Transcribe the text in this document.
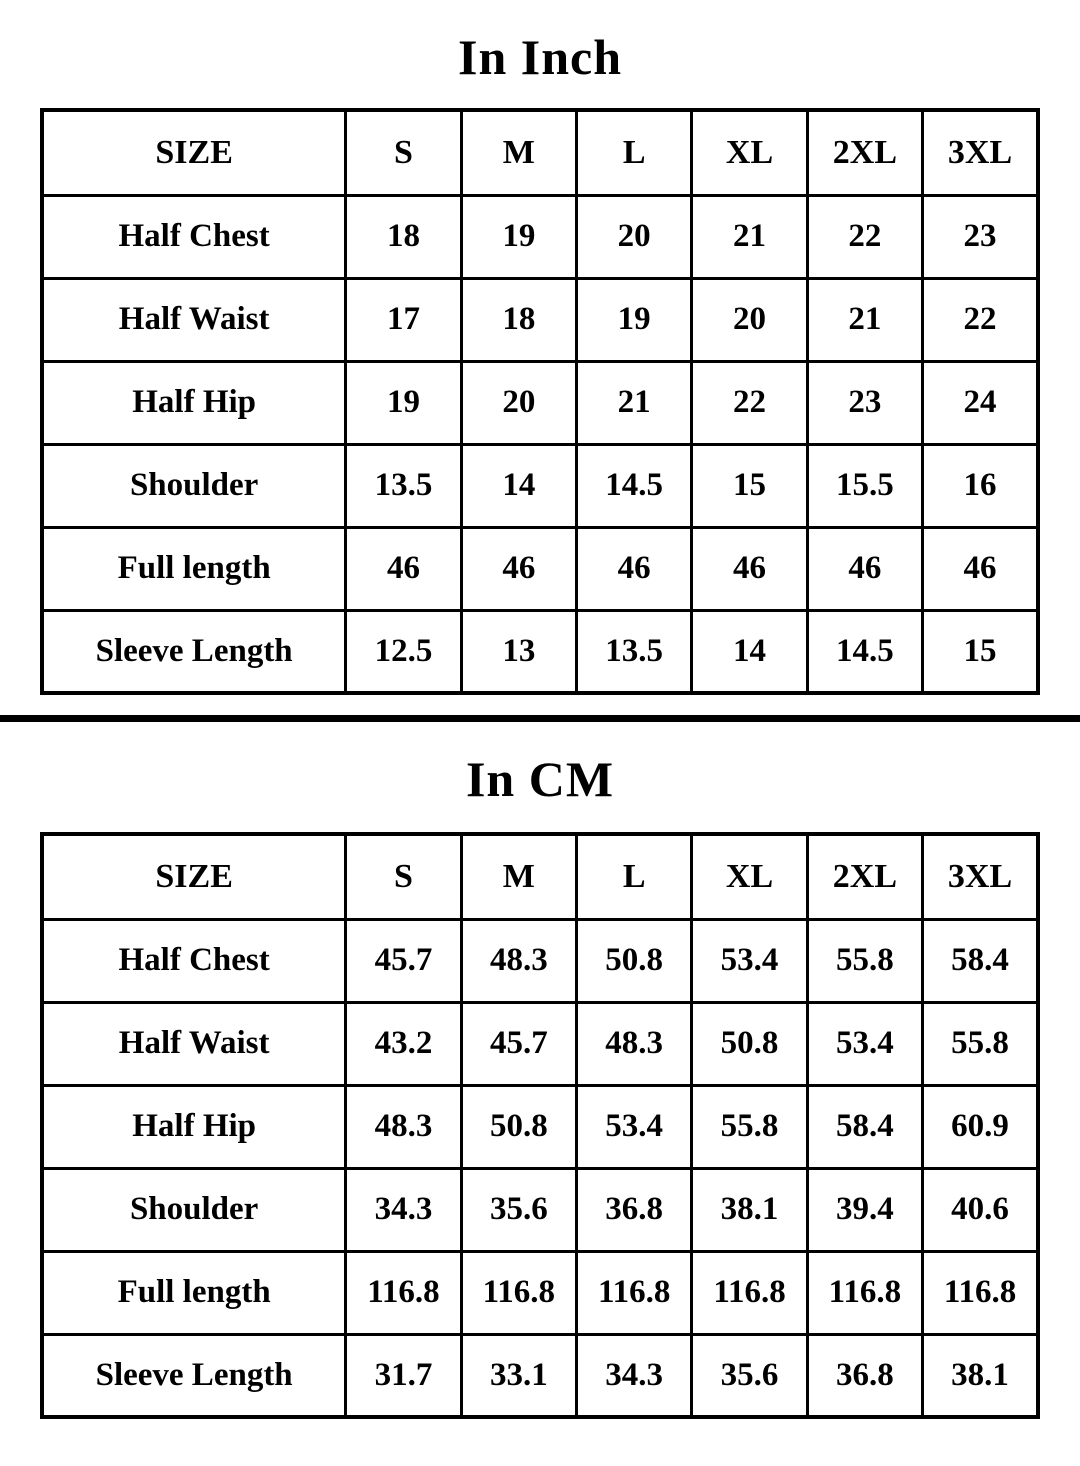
In Inch
SIZE	S	M	L	XL	2XL	3XL
Half Chest	18	19	20	21	22	23
Half Waist	17	18	19	20	21	22
Half Hip	19	20	21	22	23	24
Shoulder	13.5	14	14.5	15	15.5	16
Full length	46	46	46	46	46	46
Sleeve Length	12.5	13	13.5	14	14.5	15
In CM
SIZE	S	M	L	XL	2XL	3XL
Half Chest	45.7	48.3	50.8	53.4	55.8	58.4
Half Waist	43.2	45.7	48.3	50.8	53.4	55.8
Half Hip	48.3	50.8	53.4	55.8	58.4	60.9
Shoulder	34.3	35.6	36.8	38.1	39.4	40.6
Full length	116.8	116.8	116.8	116.8	116.8	116.8
Sleeve Length	31.7	33.1	34.3	35.6	36.8	38.1
